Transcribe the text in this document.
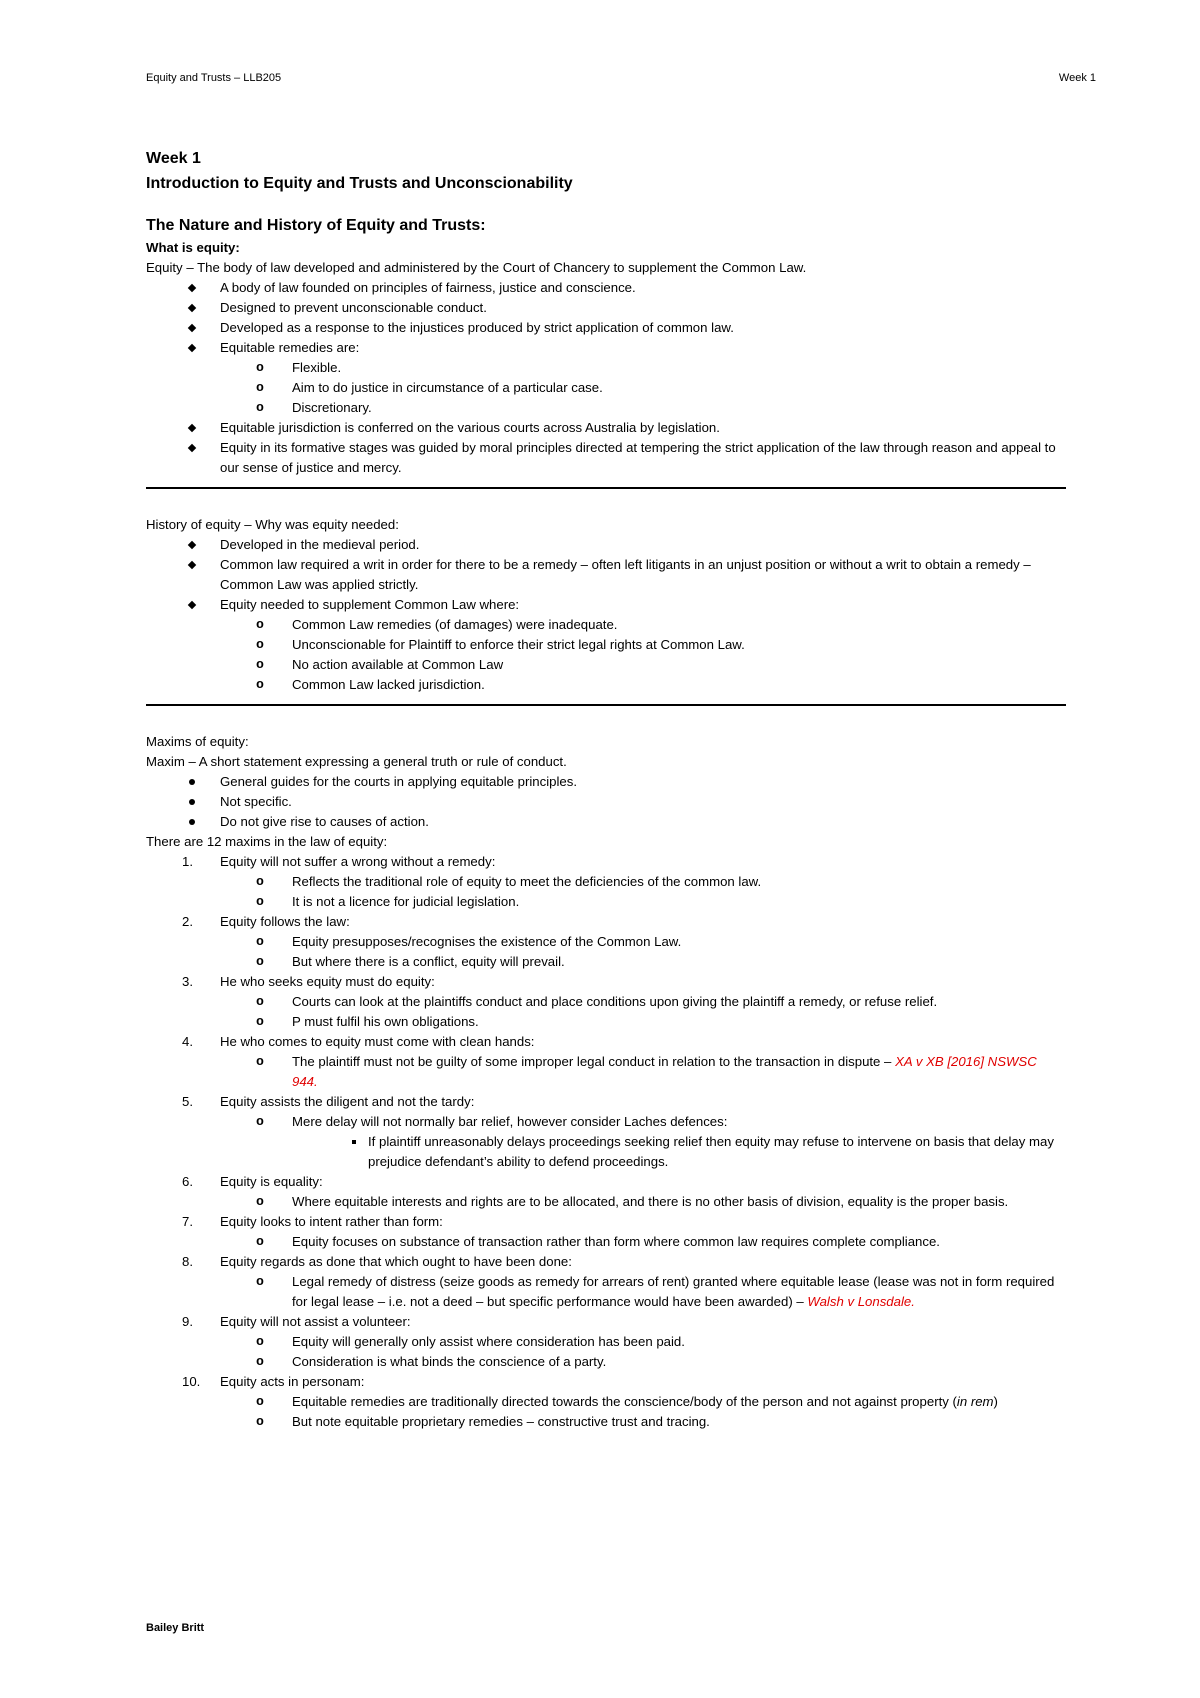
Equity and Trusts – LLB205	Week 1
Week 1
Introduction to Equity and Trusts and Unconscionability
The Nature and History of Equity and Trusts:
What is equity:
Equity – The body of law developed and administered by the Court of Chancery to supplement the Common Law.
A body of law founded on principles of fairness, justice and conscience.
Designed to prevent unconscionable conduct.
Developed as a response to the injustices produced by strict application of common law.
Equitable remedies are:
o Flexible.
o Aim to do justice in circumstance of a particular case.
o Discretionary.
Equitable jurisdiction is conferred on the various courts across Australia by legislation.
Equity in its formative stages was guided by moral principles directed at tempering the strict application of the law through reason and appeal to our sense of justice and mercy.
History of equity – Why was equity needed:
Developed in the medieval period.
Common law required a writ in order for there to be a remedy – often left litigants in an unjust position or without a writ to obtain a remedy – Common Law was applied strictly.
Equity needed to supplement Common Law where:
o Common Law remedies (of damages) were inadequate.
o Unconscionable for Plaintiff to enforce their strict legal rights at Common Law.
o No action available at Common Law
o Common Law lacked jurisdiction.
Maxims of equity:
Maxim – A short statement expressing a general truth or rule of conduct.
General guides for the courts in applying equitable principles.
Not specific.
Do not give rise to causes of action.
There are 12 maxims in the law of equity:
1.	Equity will not suffer a wrong without a remedy:
o Reflects the traditional role of equity to meet the deficiencies of the common law.
o It is not a licence for judicial legislation.
2.	Equity follows the law:
o Equity presupposes/recognises the existence of the Common Law.
o But where there is a conflict, equity will prevail.
3.	He who seeks equity must do equity:
o Courts can look at the plaintiffs conduct and place conditions upon giving the plaintiff a remedy, or refuse relief.
o P must fulfil his own obligations.
4.	He who comes to equity must come with clean hands:
o The plaintiff must not be guilty of some improper legal conduct in relation to the transaction in dispute – XA v XB [2016] NSWSC 944.
5.	Equity assists the diligent and not the tardy:
o Mere delay will not normally bar relief, however consider Laches defences:
If plaintiff unreasonably delays proceedings seeking relief then equity may refuse to intervene on basis that delay may prejudice defendant’s ability to defend proceedings.
6.	Equity is equality:
o Where equitable interests and rights are to be allocated, and there is no other basis of division, equality is the proper basis.
7.	Equity looks to intent rather than form:
o Equity focuses on substance of transaction rather than form where common law requires complete compliance.
8.	Equity regards as done that which ought to have been done:
o Legal remedy of distress (seize goods as remedy for arrears of rent) granted where equitable lease (lease was not in form required for legal lease – i.e. not a deed – but specific performance would have been awarded) – Walsh v Lonsdale.
9.	Equity will not assist a volunteer:
o Equity will generally only assist where consideration has been paid.
o Consideration is what binds the conscience of a party.
10.	Equity acts in personam:
o Equitable remedies are traditionally directed towards the conscience/body of the person and not against property (in rem)
o But note equitable proprietary remedies – constructive trust and tracing.
Bailey Britt
